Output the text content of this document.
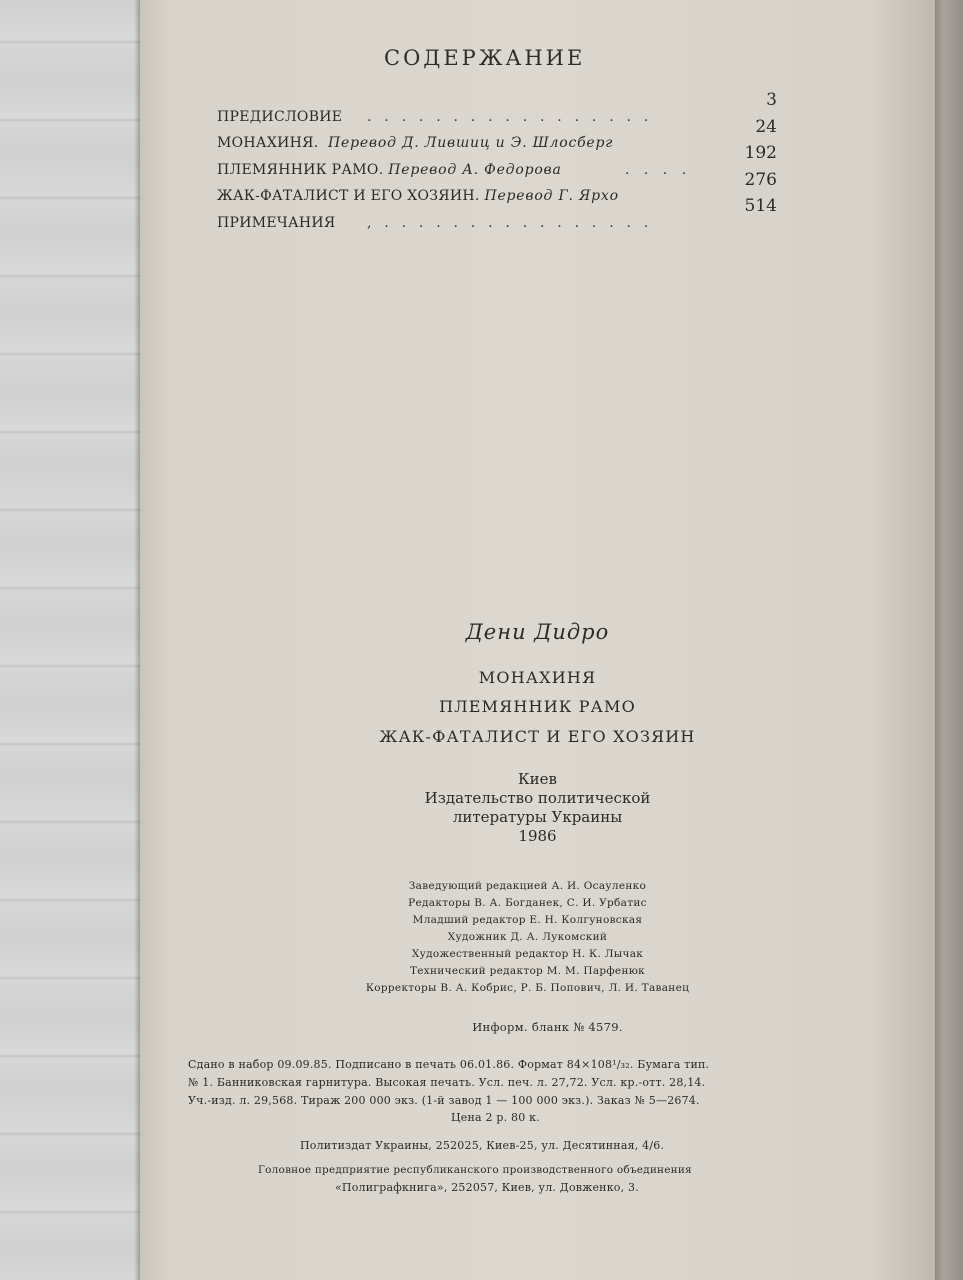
СОДЕРЖАНИЕ
ПРЕДИСЛОВИЕ . . . . . . . . . . . . . . . . .
3
МОНАХИНЯ. Перевод Д. Лившиц и Э. Шлосберг
24
ПЛЕМЯННИК РАМО. Перевод А. Федорова	. . . .
192
ЖАК-ФАТАЛИСТ И ЕГО ХОЗЯИН. Перевод Г. Ярхо
276
ПРИМЕЧАНИЯ , . . . . . . . . . . . . . . . .
514
Дени Дидро
МОНАХИНЯ
ПЛЕМЯННИК РАМО
ЖАК-ФАТАЛИСТ И ЕГО ХОЗЯИН
Киев
Издательство политической
литературы Украины
1986
Заведующий редакцией А. И. Осауленко
Редакторы В. А. Богданек, С. И. Урбатис
Младший редактор Е. Н. Колгуновская
Художник Д. А. Лукомский
Художественный редактор Н. К. Лычак
Технический редактор М. М. Парфенюк
Корректоры В. А. Кобрис, Р. Б. Попович, Л. И. Таванец
Информ. бланк № 4579.
Сдано в набор 09.09.85. Подписано в печать 06.01.86. Формат 84×108¹/₃₂. Бумага тип.
№ 1. Банниковская гарнитура. Высокая печать. Усл. печ. л. 27,72. Усл. кр.-отт. 28,14.
Уч.-изд. л. 29,568. Тираж 200 000 экз. (1-й завод 1 — 100 000 экз.). Заказ № 5—2674.
Цена 2 р. 80 к.
Политиздат Украины, 252025, Киев-25, ул. Десятинная, 4/6.
Головное предприятие республиканского производственного объединения
«Полиграфкнига», 252057, Киев, ул. Довженко, 3.
